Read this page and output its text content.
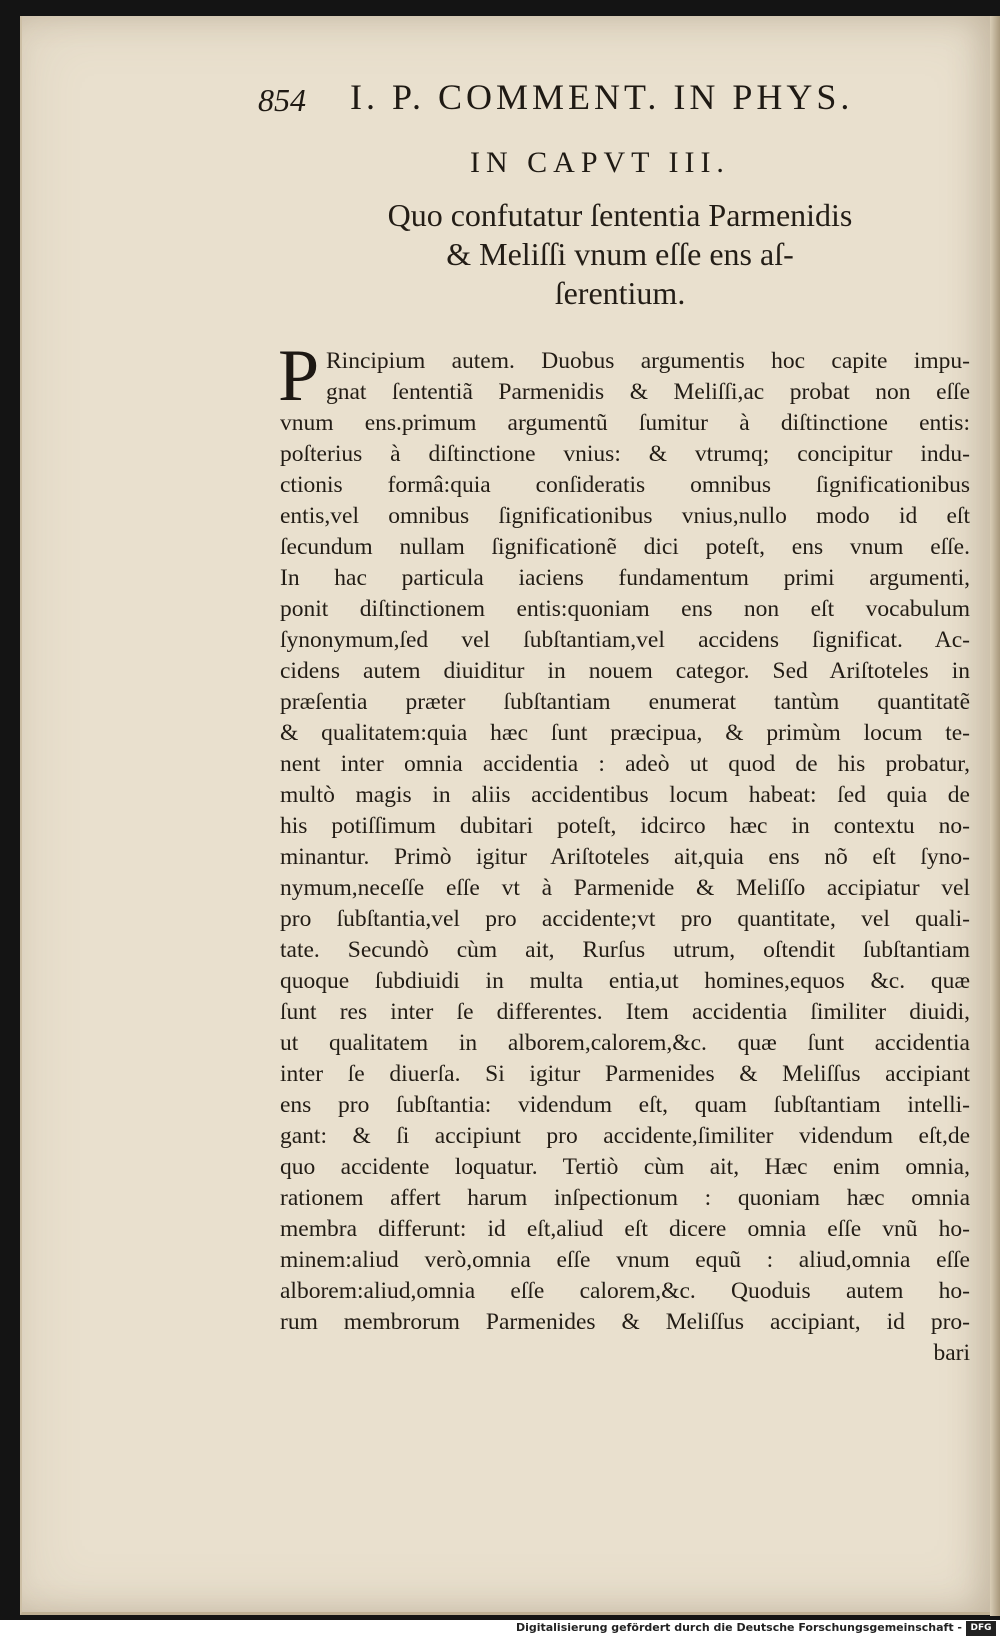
854 I. P. COMMENT. IN PHYS.
IN CAPVT III.
Quo confutatur ſententia Parmenidis
& Meliſſi vnum eſſe ens aſ-
ſerentium.
P Rincipium autem. Duobus argumentis hoc capite impu-
gnat ſententiã Parmenidis & Meliſſi,ac probat non eſſe
vnum ens.primum argumentũ ſumitur à diſtinctione entis:
poſterius à diſtinctione vnius: & vtrumq; concipitur indu-
ctionis formâ:quia conſideratis omnibus ſignificationibus
entis,vel omnibus ſignificationibus vnius,nullo modo id eſt
ſecundum nullam ſignificationẽ dici poteſt, ens vnum eſſe.
In hac particula iaciens fundamentum primi argumenti,
ponit diſtinctionem entis:quoniam ens non eſt vocabulum
ſynonymum,ſed vel ſubſtantiam,vel accidens ſignificat. Ac-
cidens autem diuiditur in nouem categor. Sed Ariſtoteles in
præſentia præter ſubſtantiam enumerat tantùm quantitatẽ
& qualitatem:quia hæc ſunt præcipua, & primùm locum te-
nent inter omnia accidentia : adeò ut quod de his probatur,
multò magis in aliis accidentibus locum habeat: ſed quia de
his potiſſimum dubitari poteſt, idcirco hæc in contextu no-
minantur. Primò igitur Ariſtoteles ait,quia ens nõ eſt ſyno-
nymum,neceſſe eſſe vt à Parmenide & Meliſſo accipiatur vel
pro ſubſtantia,vel pro accidente;vt pro quantitate, vel quali-
tate. Secundò cùm ait, Rurſus utrum, oſtendit ſubſtantiam
quoque ſubdiuidi in multa entia,ut homines,equos &c. quæ
ſunt res inter ſe differentes. Item accidentia ſimiliter diuidi,
ut qualitatem in alborem,calorem,&c. quæ ſunt accidentia
inter ſe diuerſa. Si igitur Parmenides & Meliſſus accipiant
ens pro ſubſtantia: videndum eſt, quam ſubſtantiam intelli-
gant: & ſi accipiunt pro accidente,ſimiliter videndum eſt,de
quo accidente loquatur. Tertiò cùm ait, Hæc enim omnia,
rationem affert harum inſpectionum : quoniam hæc omnia
membra differunt: id eſt,aliud eſt dicere omnia eſſe vnũ ho-
minem:aliud verò,omnia eſſe vnum equũ : aliud,omnia eſſe
alborem:aliud,omnia eſſe calorem,&c. Quoduis autem ho-
rum membrorum Parmenides & Meliſſus accipiant, id pro-
bari
Digitalisierung gefördert durch die Deutsche Forschungsgemeinschaft - DFG
